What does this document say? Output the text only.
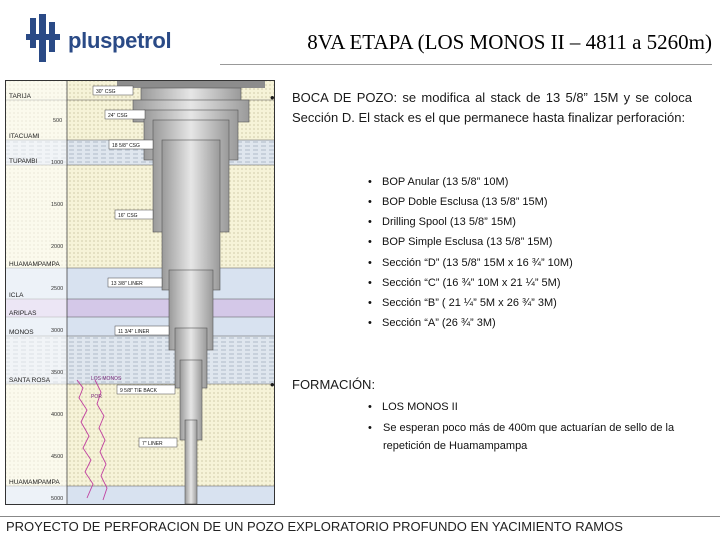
pluspetrol	8VA ETAPA (LOS MONOS II – 4811 a 5260m)
TARIJA
ITACUAMI
TUPAMBI
HUAMAMPAMPA
ICLA
ARIPLAS
MONOS
SANTA ROSA
HUAMAMPAMPA
500
1000
1500
2000
2500
3000
3500
4000
4500
5000
LOS MONOS
POR
30" CSG
24" CSG
18 5/8" CSG
16" CSG
13 3/8" LINER
11 3/4" LINER
9 5/8" TIE BACK
7" LINER
• BOCA DE POZO: se modifica al stack de 13 5/8” 15M y se coloca Sección D. El stack es el que permanece hasta finalizar perforación:
• BOP Anular (13 5/8” 10M)
• BOP Doble Esclusa (13 5/8” 15M)
• Drilling Spool (13 5/8” 15M)
• BOP Simple Esclusa (13 5/8” 15M)
• Sección “D” (13 5/8” 15M x 16 ¾” 10M)
• Sección “C” (16 ¾” 10M x 21 ¼” 5M)
• Sección “B” ( 21 ¼” 5M x 26 ¾” 3M)
• Sección “A” (26 ¾” 3M)
• FORMACIÓN:
• LOS MONOS II
•	Se esperan poco más de 400m que actuarían de sello de la repetición de Huamampampa
PROYECTO DE PERFORACION DE UN POZO EXPLORATORIO PROFUNDO EN YACIMIENTO RAMOS
